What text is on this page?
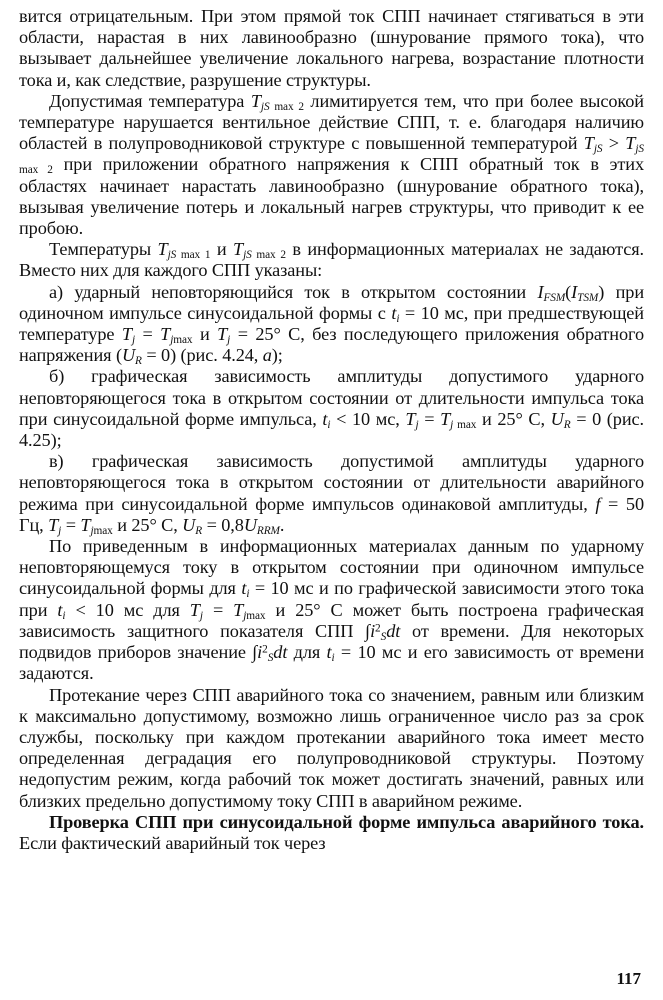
вится отрицательным. При этом прямой ток СПП начинает стягиваться в эти области, нарастая в них лавинообразно (шнурование прямого тока), что вызывает дальнейшее увеличение локального нагрева, возрастание плотности тока и, как следствие, разрушение структуры.

Допустимая температура $T_{jS max 2}$ лимитируется тем, что при более высокой температуре нарушается вентильное действие СПП, т. е. благодаря наличию областей в полупроводниковой структуре с повышенной температурой $T_{jS} > T_{jS max 2}$ при приложении обратного напряжения к СПП обратный ток в этих областях начинает нарастать лавинообразно (шнурование обратного тока), вызывая увеличение потерь и локальный нагрев структуры, что приводит к ее пробою.

Температуры $T_{jS max 1}$ и $T_{jS max 2}$ в информационных материалах не задаются. Вместо них для каждого СПП указаны:

а) ударный неповторяющийся ток в открытом состоянии $I_{FSM}(I_{TSM})$ при одиночном импульсе синусоидальной формы с $t_i = 10$ мс, при предшествующей температуре $T_j = T_{jmax}$ и $T_j = 25^\circ$ С, без последующего приложения обратного напряжения $(U_R = 0)$ (рис. 4.24, а);

б) графическая зависимость амплитуды допустимого ударного неповторяющегося тока в открытом состоянии от длительности импульса тока при синусоидальной форме импульса, $t_i < 10$ мс, $T_j = T_{j max}$ и 25° С, $U_R = 0$ (рис. 4.25);

в) графическая зависимость допустимой амплитуды ударного неповторяющегося тока в открытом состоянии от длительности аварийного режима при синусоидальной форме импульсов одинаковой амплитуды, f = 50 Гц, $T_j = T_{jmax}$ и 25° С, $U_R = 0,8U_{RRM}$.

По приведенным в информационных материалах данным по ударному неповторяющемуся току в открытом состоянии при одиночном импульсе синусоидальной формы для $t_i = 10$ мс и по графической зависимости этого тока при $t_i < 10$ мс для $T_j = T_{jmax}$ и 25° С может быть построена графическая зависимость защитного показателя СПП $\int i^2_Sdt$ от времени. Для некоторых подвидов приборов значение $\int i^2_Sdt$ для $t_i = 10$ мс и его зависимость от времени задаются.

Протекание через СПП аварийного тока со значением, равным или близким к максимально допустимому, возможно лишь ограниченное число раз за срок службы, поскольку при каждом протекании аварийного тока имеет место определенная деградация его полупроводниковой структуры. Поэтому недопустим режим, когда рабочий ток может достигать значений, равных или близких предельно допустимому току СПП в аварийном режиме.

Проверка СПП при синусоидальной форме импульса аварийного тока. Если фактический аварийный ток через

117
